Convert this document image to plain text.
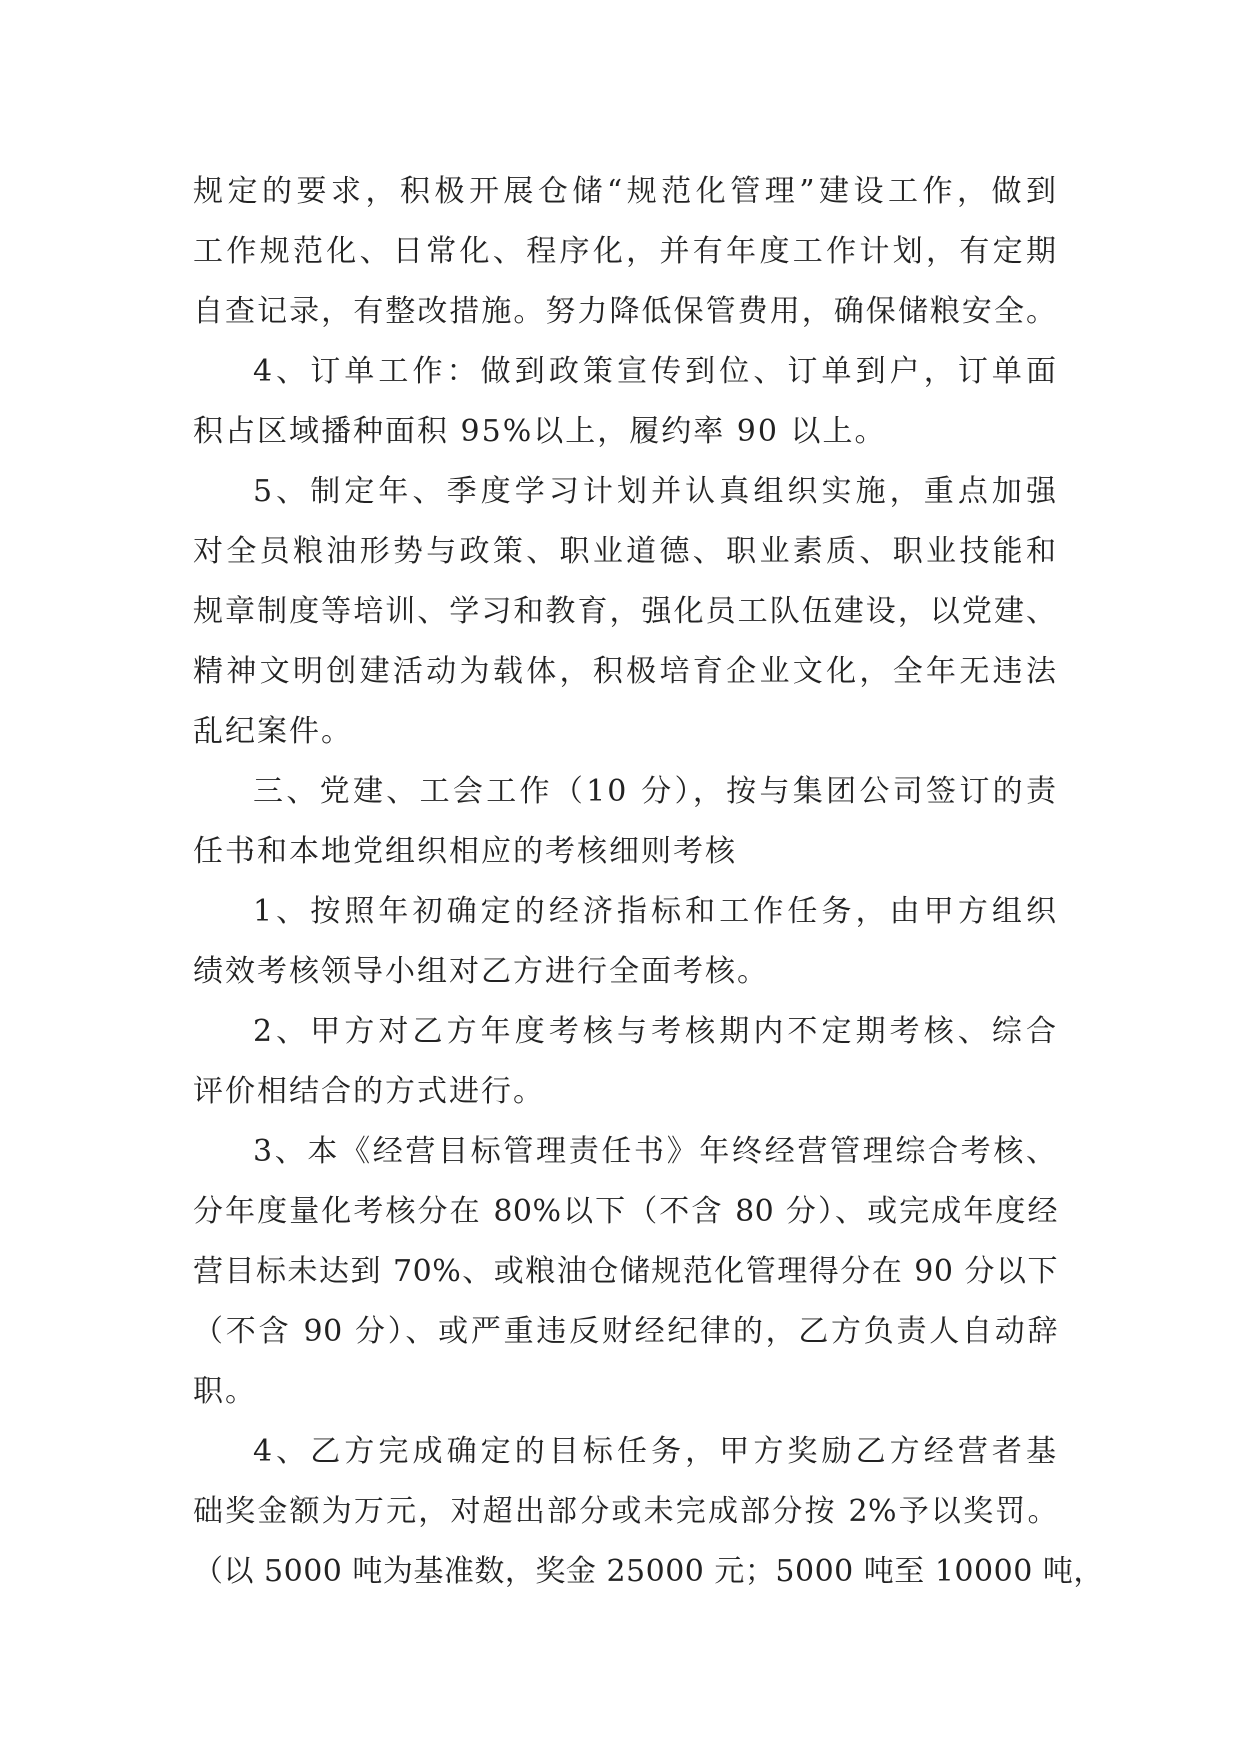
规定的要求，积极开展仓储“规范化管理”建设工作，做到
工作规范化、日常化、程序化，并有年度工作计划，有定期
自查记录，有整改措施。努力降低保管费用，确保储粮安全。
4、订单工作：做到政策宣传到位、订单到户，订单面
积占区域播种面积 95%以上，履约率 90 以上。
5、制定年、季度学习计划并认真组织实施，重点加强
对全员粮油形势与政策、职业道德、职业素质、职业技能和
规章制度等培训、学习和教育，强化员工队伍建设，以党建、
精神文明创建活动为载体，积极培育企业文化，全年无违法
乱纪案件。
三、党建、工会工作（10 分），按与集团公司签订的责
任书和本地党组织相应的考核细则考核
1、按照年初确定的经济指标和工作任务，由甲方组织
绩效考核领导小组对乙方进行全面考核。
2、甲方对乙方年度考核与考核期内不定期考核、综合
评价相结合的方式进行。
3、本《经营目标管理责任书》年终经营管理综合考核、
分年度量化考核分在 80%以下（不含 80 分）、或完成年度经
营目标未达到 70%、或粮油仓储规范化管理得分在 90 分以下
（不含 90 分）、或严重违反财经纪律的，乙方负责人自动辞
职。
4、乙方完成确定的目标任务，甲方奖励乙方经营者基
础奖金额为万元，对超出部分或未完成部分按 2%予以奖罚。
（以 5000 吨为基准数，奖金 25000 元；5000 吨至 10000 吨，
